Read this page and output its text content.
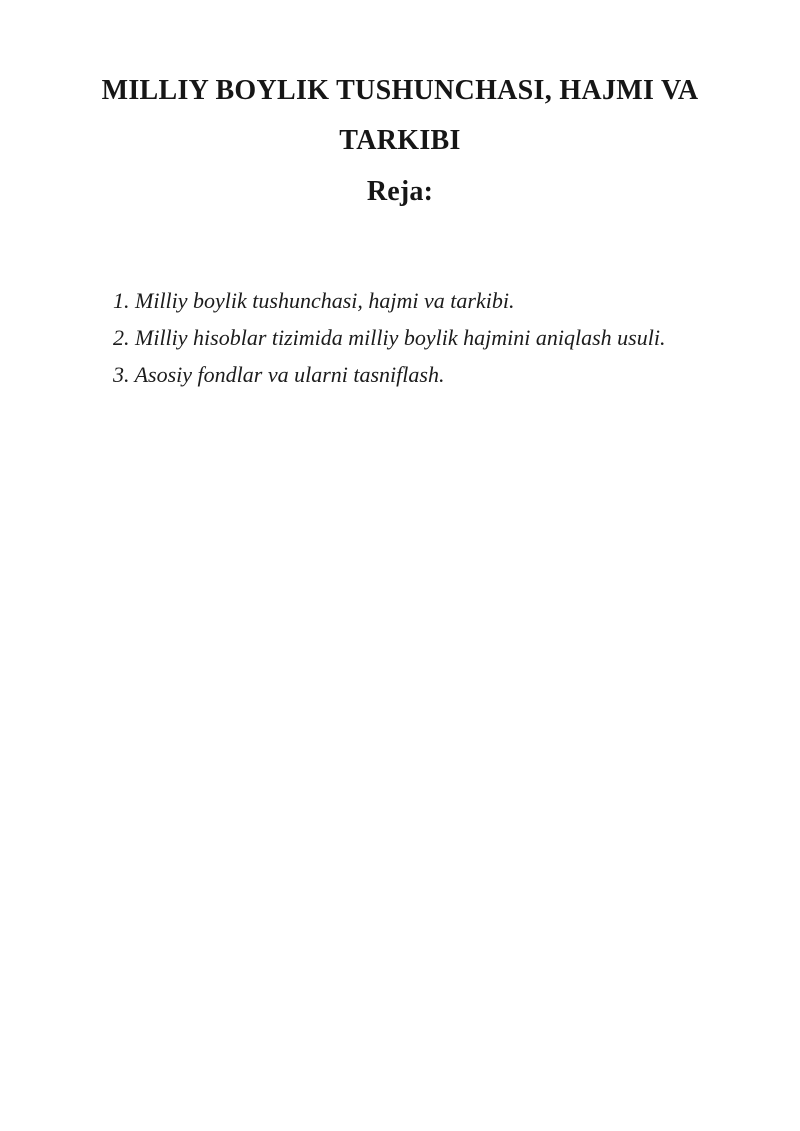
MILLIY BOYLIK TUSHUNCHASI, HAJMI VA
TARKIBI
Reja:

1. Milliy boylik tushunchasi, hajmi va tarkibi.

2. Milliy hisoblar tizimida milliy boylik hajmini aniqlash usuli.

3. Asosiy fondlar va ularni tasniflash.
